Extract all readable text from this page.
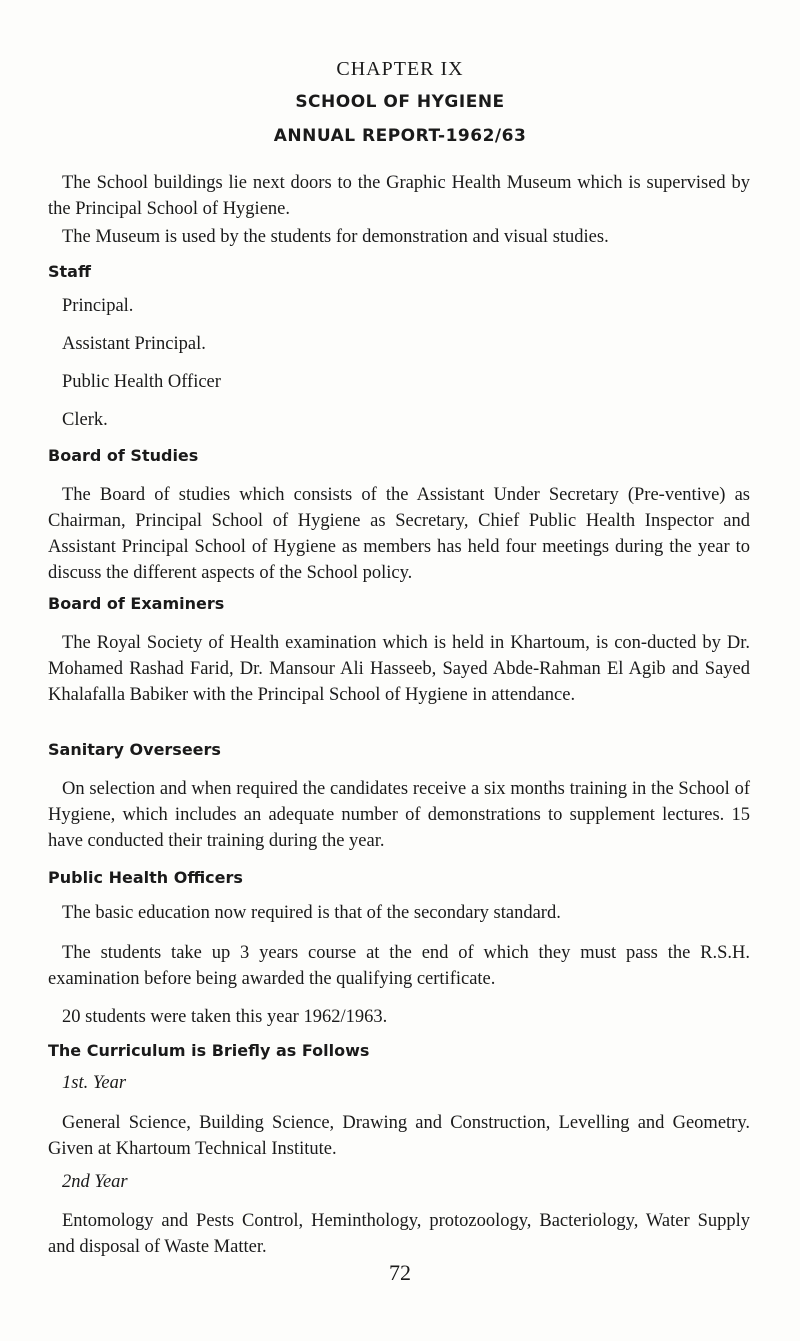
CHAPTER IX
SCHOOL OF HYGIENE
ANNUAL REPORT-1962/63

The School buildings lie next doors to the Graphic Health Museum which is supervised by the Principal School of Hygiene.

The Museum is used by the students for demonstration and visual studies.

Staff
Principal.
Assistant Principal.
Public Health Officer
Clerk.
Board of Studies

The Board of studies which consists of the Assistant Under Secretary (Pre-ventive) as Chairman, Principal School of Hygiene as Secretary, Chief Public Health Inspector and Assistant Principal School of Hygiene as members has held four meetings during the year to discuss the different aspects of the School policy.

Board of Examiners

The Royal Society of Health examination which is held in Khartoum, is con-ducted by Dr. Mohamed Rashad Farid, Dr. Mansour Ali Hasseeb, Sayed Abde-Rahman El Agib and Sayed Khalafalla Babiker with the Principal School of Hygiene in attendance.

Sanitary Overseers

On selection and when required the candidates receive a six months training in the School of Hygiene, which includes an adequate number of demonstrations to supplement lectures. 15 have conducted their training during the year.

Public Health Officers

The basic education now required is that of the secondary standard.

The students take up 3 years course at the end of which they must pass the R.S.H. examination before being awarded the qualifying certificate.

20 students were taken this year 1962/1963.

The Curriculum is Briefly as Follows
1st. Year

General Science, Building Science, Drawing and Construction, Levelling and Geometry. Given at Khartoum Technical Institute.

2nd Year

Entomology and Pests Control, Heminthology, protozoology, Bacteriology, Water Supply and disposal of Waste Matter.

72
